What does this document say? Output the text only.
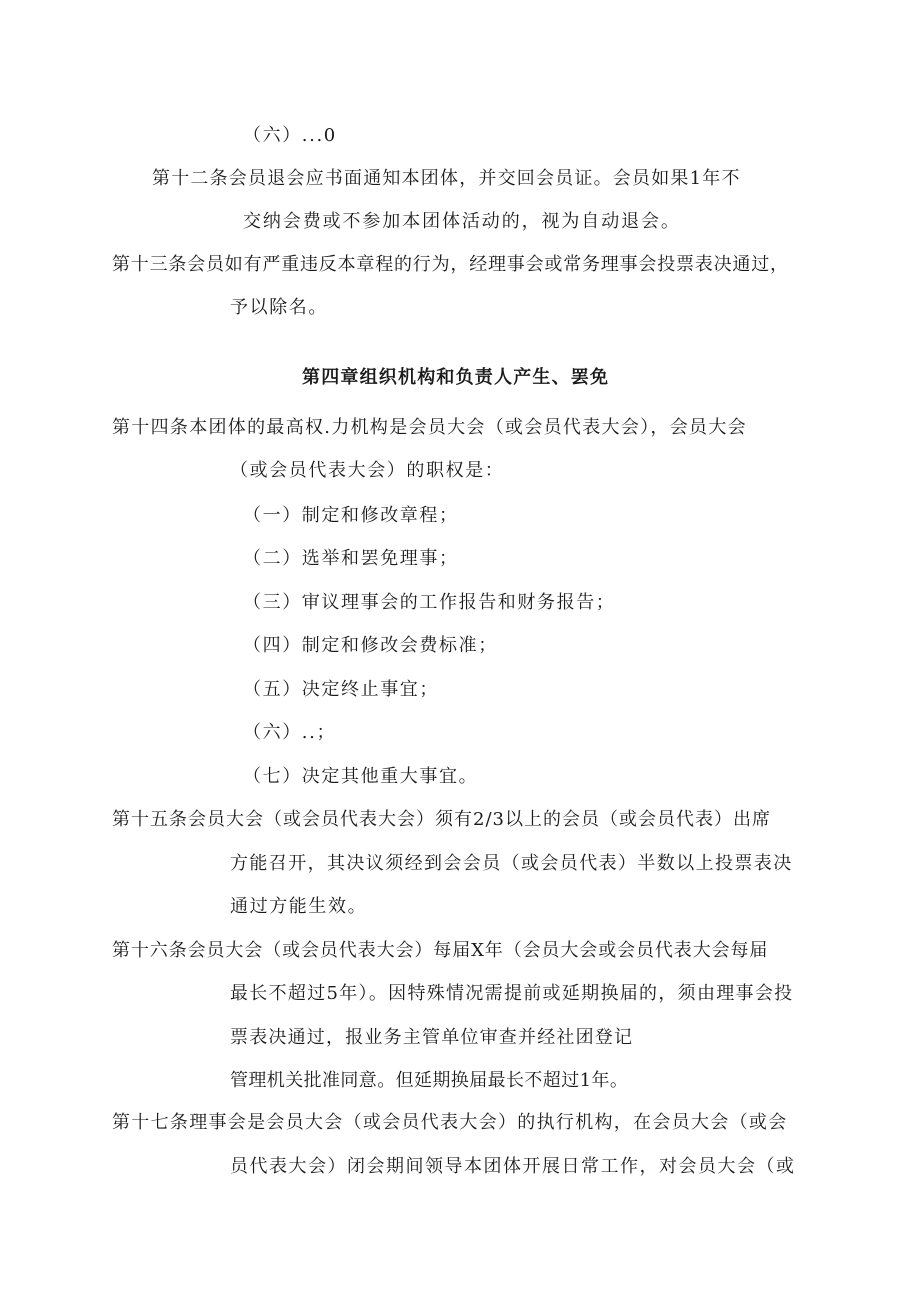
（六）...0
第十二条会员退会应书面通知本团体，并交回会员证。会员如果1年不
交纳会费或不参加本团体活动的，视为自动退会。
第十三条会员如有严重违反本章程的行为，经理事会或常务理事会投票表决通过，
予以除名。
第四章组织机构和负责人产生、罢免
第十四条本团体的最高权.力机构是会员大会（或会员代表大会），会员大会
（或会员代表大会）的职权是：
（一）制定和修改章程；
（二）选举和罢免理事；
（三）审议理事会的工作报告和财务报告；
（四）制定和修改会费标准；
（五）决定终止事宜；
（六）..；
（七）决定其他重大事宜。
第十五条会员大会（或会员代表大会）须有2/3以上的会员（或会员代表）出席
方能召开，其决议须经到会会员（或会员代表）半数以上投票表决
通过方能生效。
第十六条会员大会（或会员代表大会）每届X年（会员大会或会员代表大会每届
最长不超过5年）。因特殊情况需提前或延期换届的，须由理事会投
票表决通过，报业务主管单位审查并经社团登记
管理机关批准同意。但延期换届最长不超过1年。
第十七条理事会是会员大会（或会员代表大会）的执行机构，在会员大会（或会
员代表大会）闭会期间领导本团体开展日常工作，对会员大会（或
